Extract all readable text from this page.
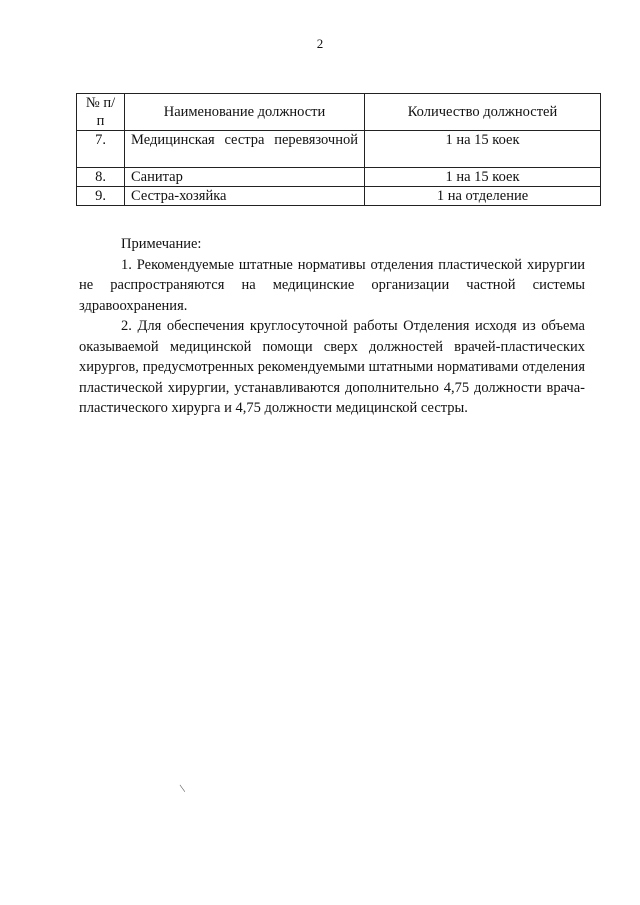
2
№ п/п	Наименование должности	Количество должностей
7.	Медицинская сестра перевязочной	1 на 15 коек
8.	Санитар	1 на 15 коек
9.	Сестра-хозяйка	1 на отделение

Примечание:

1. Рекомендуемые штатные нормативы отделения пластической хирургии не распространяются на медицинские организации частной системы здравоохранения.

2. Для обеспечения круглосуточной работы Отделения исходя из объема оказываемой медицинской помощи сверх должностей врачей-пластических хирургов, предусмотренных рекомендуемыми штатными нормативами отделения пластической хирургии, устанавливаются дополнительно 4,75 должности врача-пластического хирурга и 4,75 должности медицинской сестры.

/
